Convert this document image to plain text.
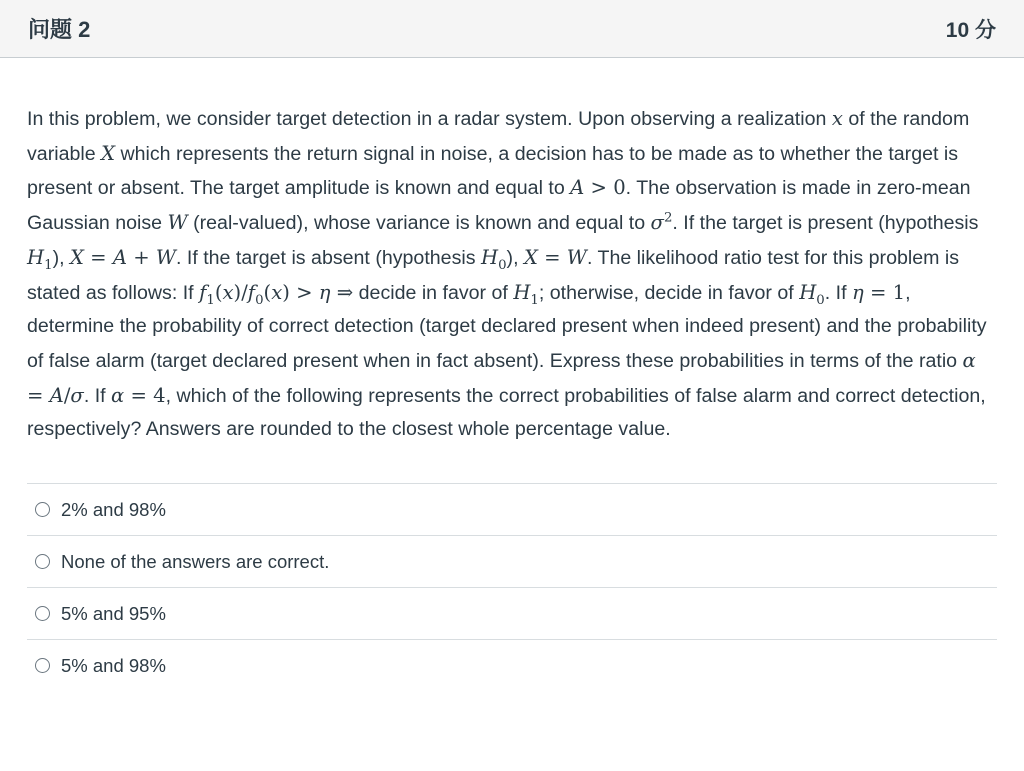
问题 2	10 分

In this problem, we consider target detection in a radar system. Upon observing a realization x of the random variable X which represents the return signal in noise, a decision has to be made as to whether the target is present or absent. The target amplitude is known and equal to A > 0. The observation is made in zero-mean Gaussian noise W (real-valued), whose variance is known and equal to $\sigma^2$. If the target is present (hypothesis $H_1$), X = A + W. If the target is absent (hypothesis $H_0$), X = W. The likelihood ratio test for this problem is stated as follows: If $f_1(x)/f_0(x) > \eta$ ⇒ decide in favor of $H_1$; otherwise, decide in favor of $H_0$. If η = 1, determine the probability of correct detection (target declared present when indeed present) and the probability of false alarm (target declared present when in fact absent). Express these probabilities in terms of the ratio α = A/σ. If α = 4, which of the following represents the correct probabilities of false alarm and correct detection, respectively? Answers are rounded to the closest whole percentage value.

2% and 98%
None of the answers are correct.
5% and 95%
5% and 98%
